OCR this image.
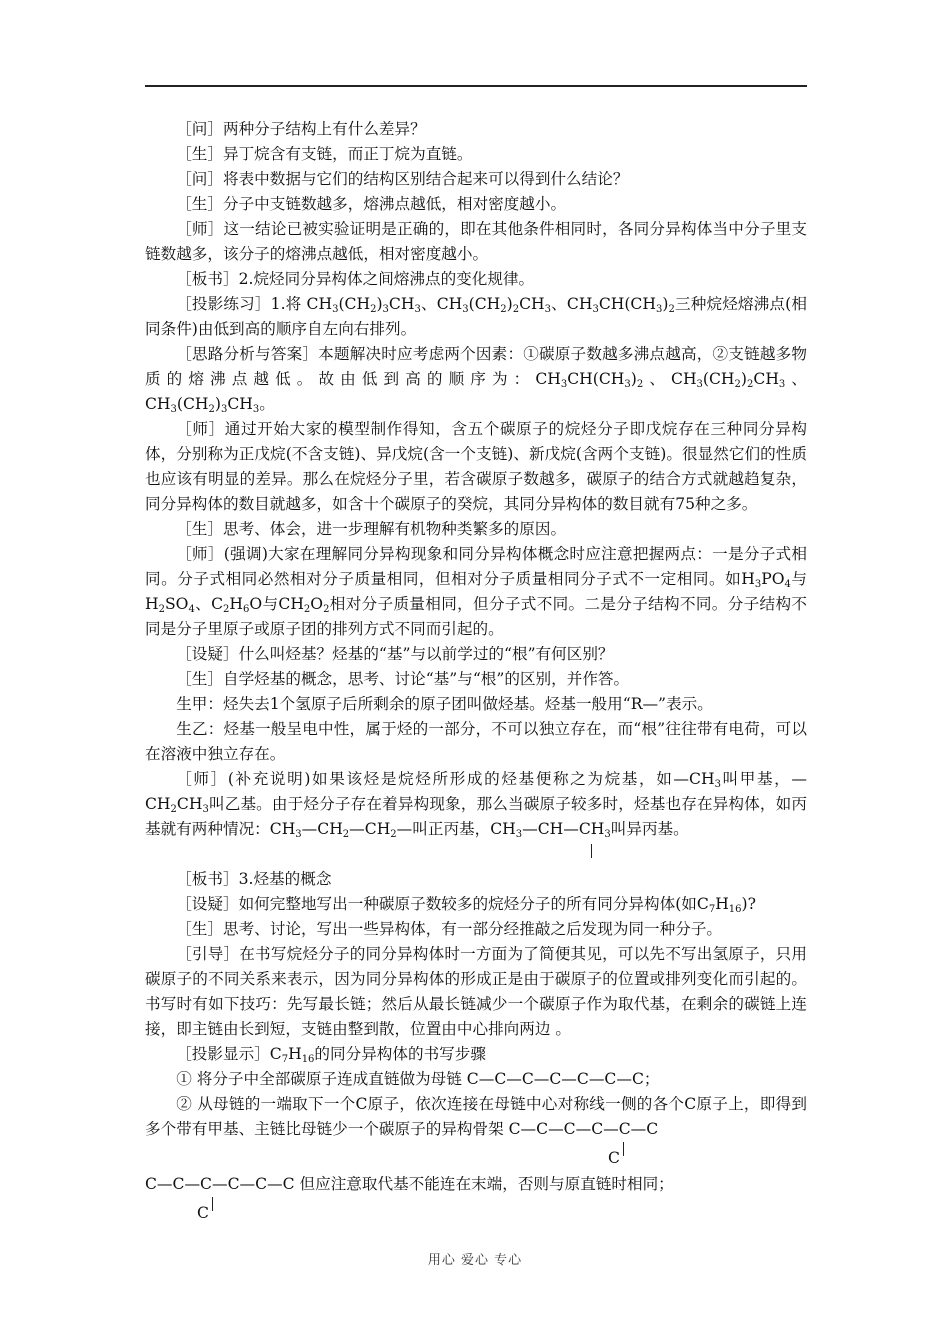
［问］两种分子结构上有什么差异？

［生］异丁烷含有支链，而正丁烷为直链。

［问］将表中数据与它们的结构区别结合起来可以得到什么结论？

［生］分子中支链数越多，熔沸点越低，相对密度越小。

［师］这一结论已被实验证明是正确的，即在其他条件相同时，各同分异构体当中分子里支链数越多，该分子的熔沸点越低，相对密度越小。

［板书］2.烷烃同分异构体之间熔沸点的变化规律。

［投影练习］1.将 $CH_3(CH_2)_3CH_3$、$CH_3(CH_2)_2CH_3$、$CH_3CH(CH_3)_2$三种烷烃熔沸点(相同条件)由低到高的顺序自左向右排列。

［思路分析与答案］本题解决时应考虑两个因素：①碳原子数越多沸点越高，②支链越多物质的熔沸点越低。故由低到高的顺序为：$CH_3CH(CH_3)_2$、$CH_3(CH_2)_2CH_3$、$CH_3(CH_2)_3CH_3$。

［师］通过开始大家的模型制作得知，含五个碳原子的烷烃分子即戊烷存在三种同分异构体，分别称为正戊烷(不含支链)、异戊烷(含一个支链)、新戊烷(含两个支链)。很显然它们的性质也应该有明显的差异。那么在烷烃分子里，若含碳原子数越多，碳原子的结合方式就越趋复杂，同分异构体的数目就越多，如含十个碳原子的癸烷，其同分异构体的数目就有75种之多。

［生］思考、体会，进一步理解有机物种类繁多的原因。

［师］(强调)大家在理解同分异构现象和同分异构体概念时应注意把握两点：一是分子式相同。分子式相同必然相对分子质量相同，但相对分子质量相同分子式不一定相同。如$H_3PO_4$与$H_2SO_4$、$C_2H_6O$与$CH_2O_2$相对分子质量相同，但分子式不同。二是分子结构不同。分子结构不同是分子里原子或原子团的排列方式不同而引起的。

［设疑］什么叫烃基？烃基的“基”与以前学过的“根”有何区别？

［生］自学烃基的概念，思考、讨论“基”与“根”的区别，并作答。

生甲：烃失去1个氢原子后所剩余的原子团叫做烃基。烃基一般用“R—”表示。

生乙：烃基一般呈电中性，属于烃的一部分，不可以独立存在，而“根”往往带有电荷，可以在溶液中独立存在。

［师］(补充说明)如果该烃是烷烃所形成的烃基便称之为烷基，如$—CH_3$叫甲基，$—CH_2CH_3$叫乙基。由于烃分子存在着异构现象，那么当碳原子较多时，烃基也存在异构体，如丙基就有两种情况：$CH_3—CH_2—CH_2—$叫正丙基，$CH_3—CH—CH_3$叫异丙基。

［板书］3.烃基的概念

［设疑］如何完整地写出一种碳原子数较多的烷烃分子的所有同分异构体(如$C_7H_{16}$)?

［生］思考、讨论，写出一些异构体，有一部分经推敲之后发现为同一种分子。

［引导］在书写烷烃分子的同分异构体时一方面为了简便其见，可以先不写出氢原子，只用碳原子的不同关系来表示，因为同分异构体的形成正是由于碳原子的位置或排列变化而引起的。书写时有如下技巧：先写最长链；然后从最长链减少一个碳原子作为取代基，在剩余的碳链上连接，即主链由长到短，支链由整到散，位置由中心排向两边 。

［投影显示$]C_7H_{16}$的同分异构体的书写步骤

① 将分子中全部碳原子连成直链做为母链 C—C—C—C—C—C—C；

② 从母链的一端取下一个C原子，依次连接在母链中心对称线一侧的各个C原子上，即得到多个带有甲基、主链比母链少一个碳原子的异构骨架 C—C—C—C—C—C

C

C—C—C—C—C—C 但应注意取代基不能连在末端，否则与原直链时相同；

C
用心 爱心 专心
